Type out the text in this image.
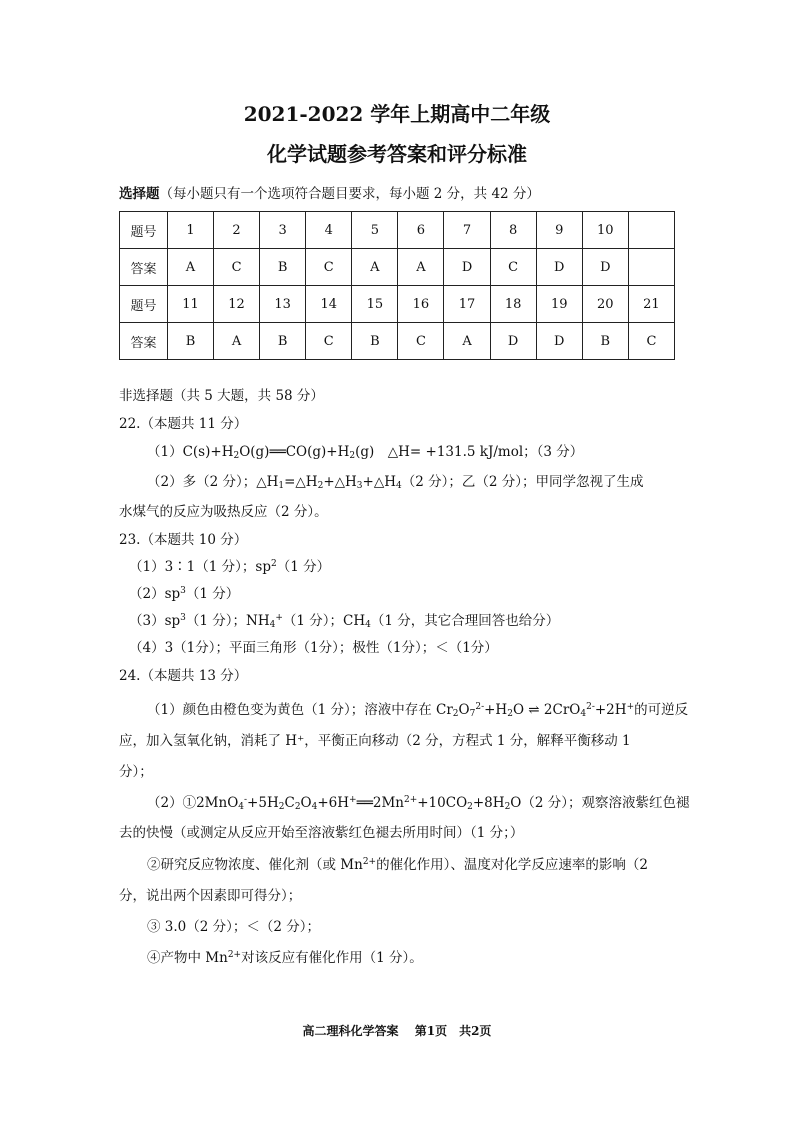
2021-2022 学年上期高中二年级
化学试题参考答案和评分标准
选择题（每小题只有一个选项符合题目要求，每小题 2 分，共 42 分）
题号	1	2	3	4	5	6	7	8	9	10	
答案	A	C	B	C	A	A	D	C	D	D	
题号	11	12	13	14	15	16	17	18	19	20	21
答案	B	A	B	C	B	C	A	D	D	B	C
非选择题（共 5 大题，共 58 分）
22.（本题共 11 分）
$(1)C(s)+H_2O(g)══CO(g)+H_2(g)$　△H= +131.5 kJ/mol；（3 分）
（2）多（2 分）；$\triangle H_1=\triangle H_2+\triangle H_3+\triangle H_4(2$ 分）；乙（2 分）；甲同学忽视了生成
水煤气的反应为吸热反应（2 分）。
23.（本题共 10 分）
（1）3∶1（1 分）；$sp^2(1$ 分）
$(2)sp^3(1$ 分）
$(3)sp^3(1$ 分）；$NH_4^+(1$ 分）；$CH_4(1$ 分，其它合理回答也给分）
（4）3（1分）；平面三角形（1分）；极性（1分）；＜（1分）
24.（本题共 13 分）
（1）颜色由橙色变为黄色（1 分）；溶液中存在 $Cr_2O_7^{2-}+H_2O$ ⇌ 2CrO$_4^{2-}$+2H+的可逆反
应，加入氢氧化钠，消耗了 H⁺，平衡正向移动（2 分，方程式 1 分，解释平衡移动 1
分）；
$(2)①2MnO_4^-+5H_2C_2O_4+6H^+══2Mn^{2+}+10CO_2+8H_2O(2$ 分）；观察溶液紫红色褪
去的快慢（或测定从反应开始至溶液紫红色褪去所用时间）（1 分；）
②研究反应物浓度、催化剂（或 $Mn^{2+}$的催化作用）、温度对化学反应速率的影响（2
分，说出两个因素即可得分）；
③ 3.0（2 分）；＜（2 分）；
④产物中 $Mn^{2+}$对该反应有催化作用（1 分）。
高二理科化学答案　 第1页　共2页
